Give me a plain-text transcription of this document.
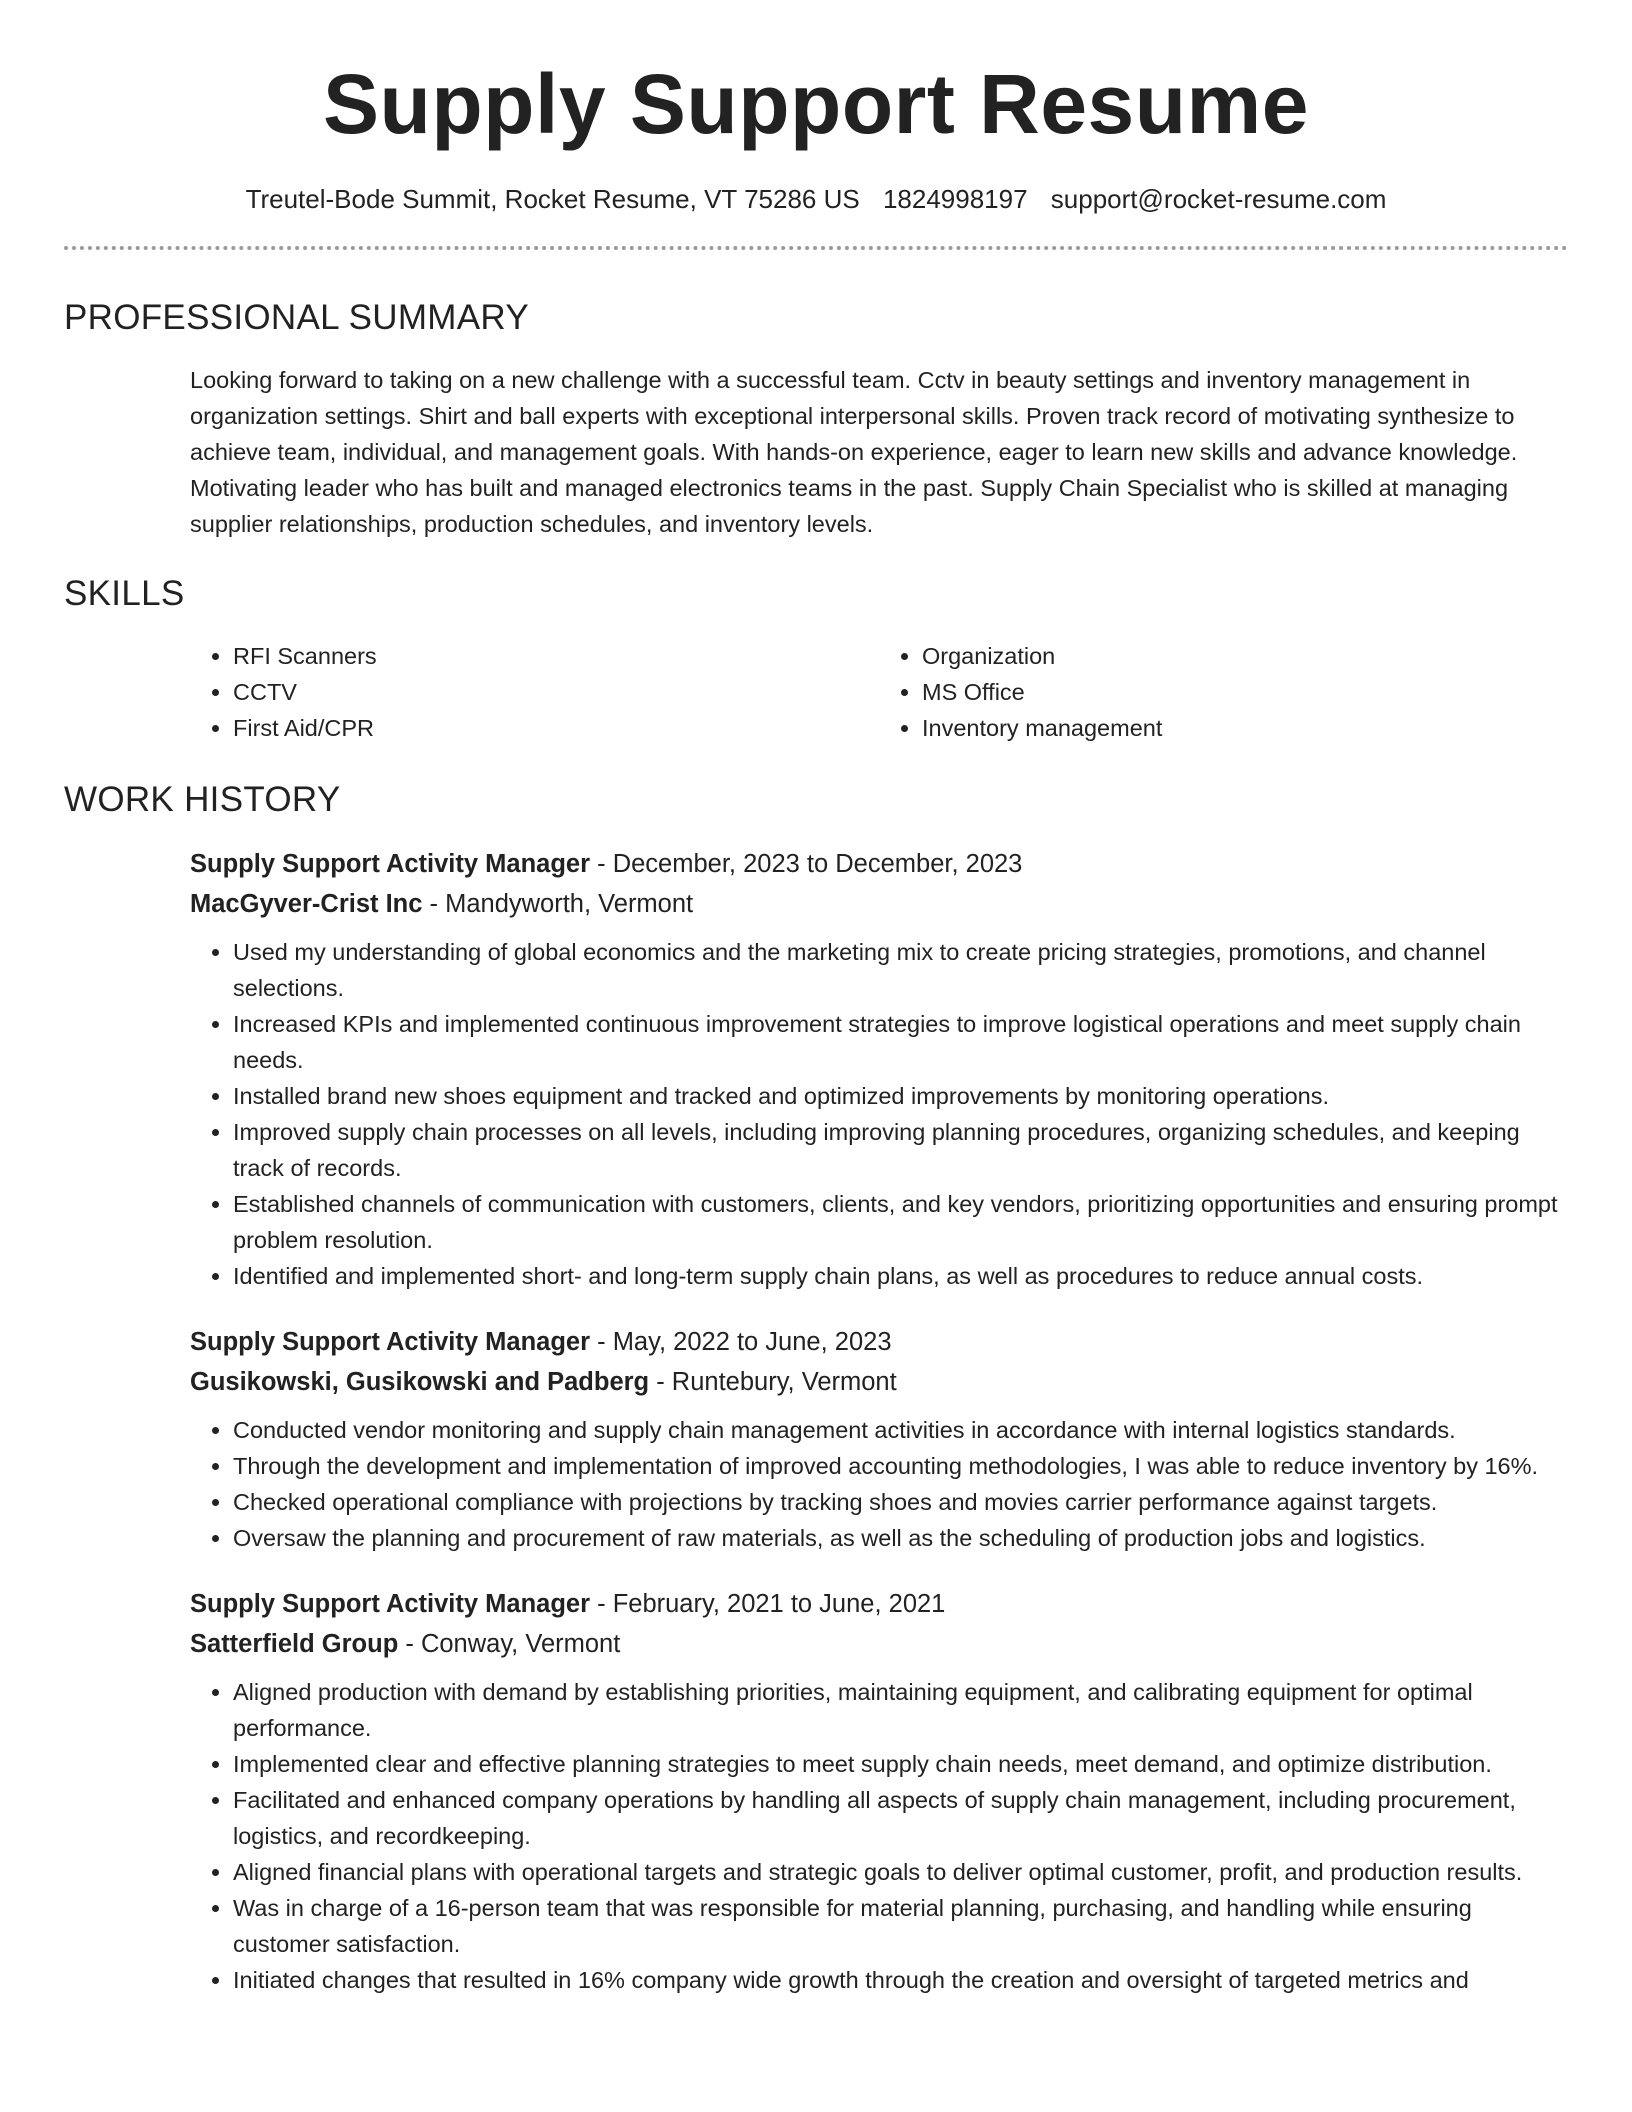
Supply Support Resume
Treutel-Bode Summit, Rocket Resume, VT 75286 US 1824998197 support@rocket-resume.com
PROFESSIONAL SUMMARY

Looking forward to taking on a new challenge with a successful team. Cctv in beauty settings and inventory management in organization settings. Shirt and ball experts with exceptional interpersonal skills. Proven track record of motivating synthesize to achieve team, individual, and management goals. With hands-on experience, eager to learn new skills and advance knowledge. Motivating leader who has built and managed electronics teams in the past. Supply Chain Specialist who is skilled at managing supplier relationships, production schedules, and inventory levels.

SKILLS
• RFI Scanners
• CCTV
• First Aid/CPR
• Organization
• MS Office
• Inventory management
WORK HISTORY
Supply Support Activity Manager - December, 2023 to December, 2023
MacGyver-Crist Inc - Mandyworth, Vermont
• Used my understanding of global economics and the marketing mix to create pricing strategies, promotions, and channel selections.
• Increased KPIs and implemented continuous improvement strategies to improve logistical operations and meet supply chain needs.
• Installed brand new shoes equipment and tracked and optimized improvements by monitoring operations.
• Improved supply chain processes on all levels, including improving planning procedures, organizing schedules, and keeping track of records.
• Established channels of communication with customers, clients, and key vendors, prioritizing opportunities and ensuring prompt problem resolution.
• Identified and implemented short- and long-term supply chain plans, as well as procedures to reduce annual costs.
Supply Support Activity Manager - May, 2022 to June, 2023
Gusikowski, Gusikowski and Padberg - Runtebury, Vermont
• Conducted vendor monitoring and supply chain management activities in accordance with internal logistics standards.
• Through the development and implementation of improved accounting methodologies, I was able to reduce inventory by 16%.
• Checked operational compliance with projections by tracking shoes and movies carrier performance against targets.
• Oversaw the planning and procurement of raw materials, as well as the scheduling of production jobs and logistics.
Supply Support Activity Manager - February, 2021 to June, 2021
Satterfield Group - Conway, Vermont
• Aligned production with demand by establishing priorities, maintaining equipment, and calibrating equipment for optimal performance.
• Implemented clear and effective planning strategies to meet supply chain needs, meet demand, and optimize distribution.
• Facilitated and enhanced company operations by handling all aspects of supply chain management, including procurement, logistics, and recordkeeping.
• Aligned financial plans with operational targets and strategic goals to deliver optimal customer, profit, and production results.
• Was in charge of a 16-person team that was responsible for material planning, purchasing, and handling while ensuring customer satisfaction.
• Initiated changes that resulted in 16% company wide growth through the creation and oversight of targeted metrics and
